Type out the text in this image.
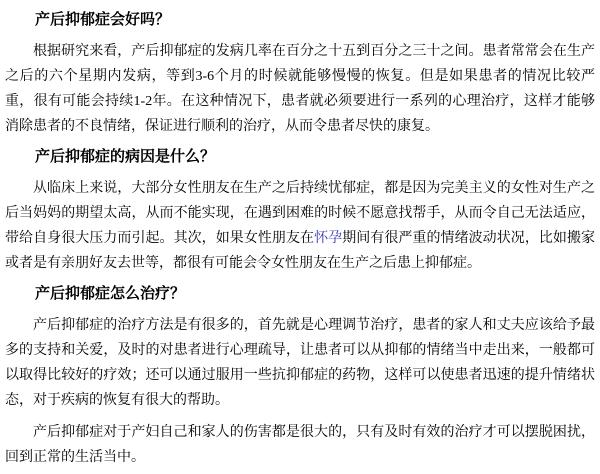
产后抑郁症会好吗？
根据研究来看，产后抑郁症的发病几率在百分之十五到百分之三十之间。患者常常会在生产之后的六个星期内发病，等到3-6个月的时候就能够慢慢的恢复。但是如果患者的情况比较严重，很有可能会持续1-2年。在这种情况下，患者就必须要进行一系列的心理治疗，这样才能够消除患者的不良情绪，保证进行顺利的治疗，从而令患者尽快的康复。
产后抑郁症的病因是什么？
从临床上来说，大部分女性朋友在生产之后持续忧郁症，都是因为完美主义的女性对生产之后当妈妈的期望太高，从而不能实现，在遇到困难的时候不愿意找帮手，从而令自己无法适应，带给自身很大压力而引起。其次，如果女性朋友在怀孕期间有很严重的情绪波动状况，比如搬家或者是有亲朋好友去世等，都很有可能会令女性朋友在生产之后患上抑郁症。
产后抑郁症怎么治疗？
产后抑郁症的治疗方法是有很多的，首先就是心理调节治疗，患者的家人和丈夫应该给予最多的支持和关爱，及时的对患者进行心理疏导，让患者可以从抑郁的情绪当中走出来，一般都可以取得比较好的疗效；还可以通过服用一些抗抑郁症的药物，这样可以使患者迅速的提升情绪状态，对于疾病的恢复有很大的帮助。
产后抑郁症对于产妇自己和家人的伤害都是很大的，只有及时有效的治疗才可以摆脱困扰，回到正常的生活当中。
